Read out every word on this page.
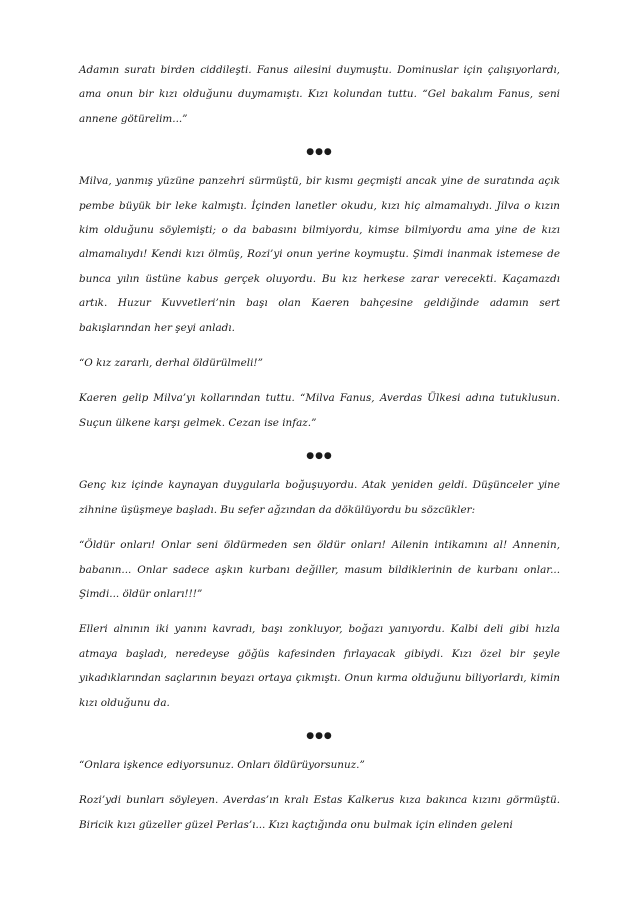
Adamın suratı birden ciddileşti. Fanus ailesini duymuştu. Dominuslar için çalışıyorlardı, ama onun bir kızı olduğunu duymamıştı. Kızı kolundan tuttu. “Gel bakalım Fanus, seni annene götürelim...”

●●●

Milva, yanmış yüzüne panzehri sürmüştü, bir kısmı geçmişti ancak yine de suratında açık pembe büyük bir leke kalmıştı. İçinden lanetler okudu, kızı hiç almamalıydı. Jilva o kızın kim olduğunu söylemişti; o da babasını bilmiyordu, kimse bilmiyordu ama yine de kızı almamalıydı! Kendi kızı ölmüş, Rozi’yi onun yerine koymuştu. Şimdi inanmak istemese de bunca yılın üstüne kabus gerçek oluyordu. Bu kız herkese zarar verecekti. Kaçamazdı artık. Huzur Kuvvetleri’nin başı olan Kaeren bahçesine geldiğinde adamın sert bakışlarından her şeyi anladı.

“O kız zararlı, derhal öldürülmeli!”

Kaeren gelip Milva’yı kollarından tuttu. “Milva Fanus, Averdas Ülkesi adına tutuklusun. Suçun ülkene karşı gelmek. Cezan ise infaz.”

●●●

Genç kız içinde kaynayan duygularla boğuşuyordu. Atak yeniden geldi. Düşünceler yine zihnine üşüşmeye başladı. Bu sefer ağzından da dökülüyordu bu sözcükler:

“Öldür onları! Onlar seni öldürmeden sen öldür onları! Ailenin intikamını al! Annenin, babanın... Onlar sadece aşkın kurbanı değiller, masum bildiklerinin de kurbanı onlar... Şimdi... öldür onları!!!”

Elleri alnının iki yanını kavradı, başı zonkluyor, boğazı yanıyordu. Kalbi deli gibi hızla atmaya başladı, neredeyse göğüs kafesinden fırlayacak gibiydi. Kızı özel bir şeyle yıkadıklarından saçlarının beyazı ortaya çıkmıştı. Onun kırma olduğunu biliyorlardı, kimin kızı olduğunu da.

●●●

“Onlara işkence ediyorsunuz. Onları öldürüyorsunuz.”

Rozi’ydi bunları söyleyen. Averdas’ın kralı Estas Kalkerus kıza bakınca kızını görmüştü. Biricik kızı güzeller güzel Perlas’ı... Kızı kaçtığında onu bulmak için elinden geleni
